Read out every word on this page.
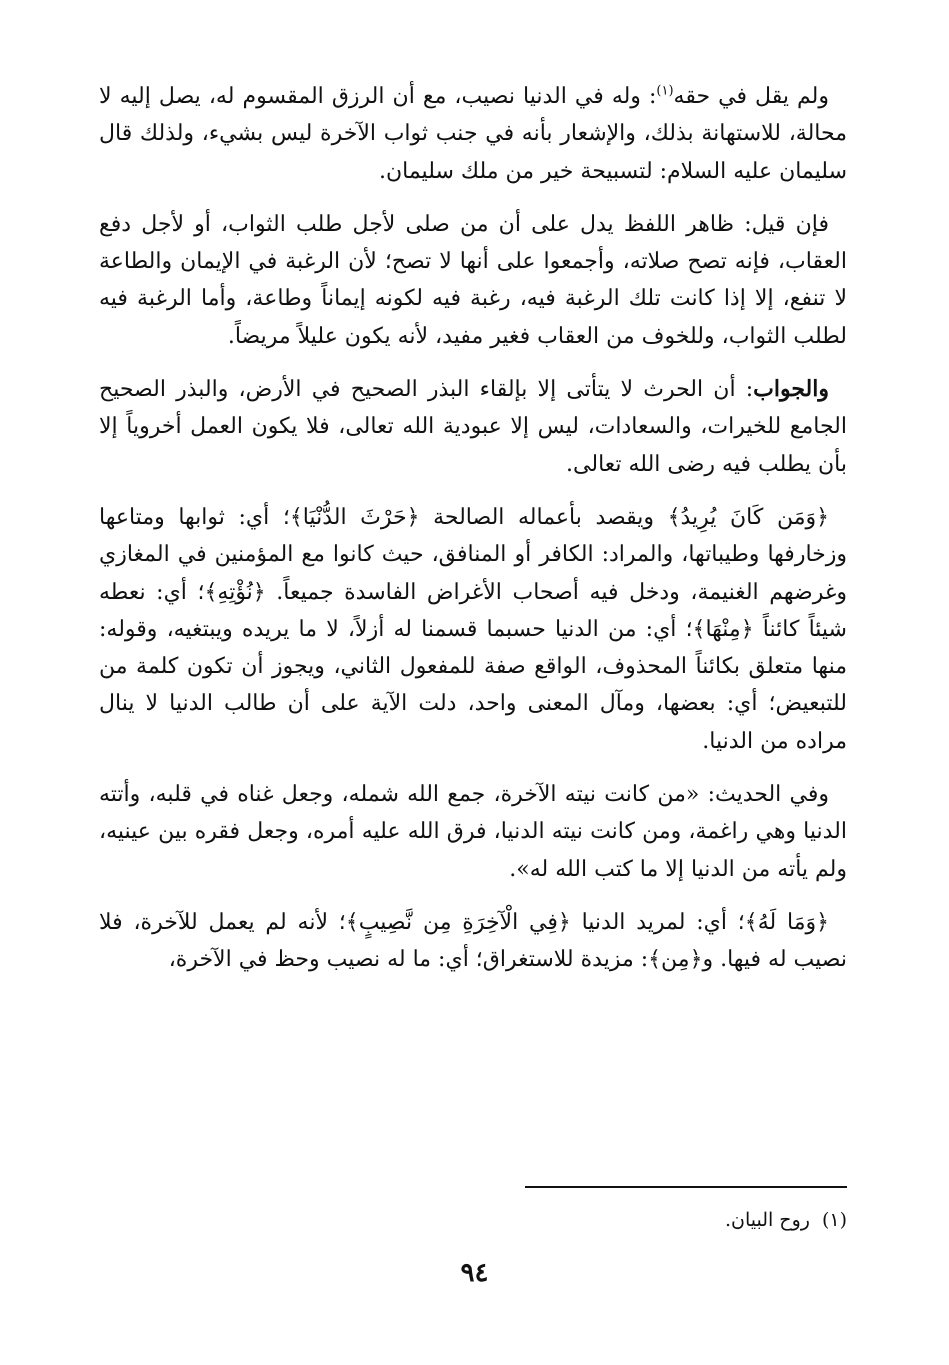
ولم يقل في حقه$^{(١)}$: وله في الدنيا نصيب، مع أن الرزق المقسوم له، يصل إليه لا محالة، للاستهانة بذلك، والإشعار بأنه في جنب ثواب الآخرة ليس بشيء، ولذلك قال سليمان عليه السلام: لتسبيحة خير من ملك سليمان.

فإن قيل: ظاهر اللفظ يدل على أن من صلى لأجل طلب الثواب، أو لأجل دفع العقاب، فإنه تصح صلاته، وأجمعوا على أنها لا تصح؛ لأن الرغبة في الإيمان والطاعة لا تنفع، إلا إذا كانت تلك الرغبة فيه، رغبة فيه لكونه إيماناً وطاعة، وأما الرغبة فيه لطلب الثواب، وللخوف من العقاب فغير مفيد، لأنه يكون عليلاً مريضاً.

والجواب: أن الحرث لا يتأتى إلا بإلقاء البذر الصحيح في الأرض، والبذر الصحيح الجامع للخيرات، والسعادات، ليس إلا عبودية الله تعالى، فلا يكون العمل أخروياً إلا بأن يطلب فيه رضى الله تعالى.

﴿وَمَن كَانَ يُرِيدُ﴾ ويقصد بأعماله الصالحة ﴿حَرْثَ الدُّنْيَا﴾؛ أي: ثوابها ومتاعها وزخارفها وطيباتها، والمراد: الكافر أو المنافق، حيث كانوا مع المؤمنين في المغازي وغرضهم الغنيمة، ودخل فيه أصحاب الأغراض الفاسدة جميعاً. ﴿نُؤْتِهِ﴾؛ أي: نعطه شيئاً كائناً ﴿مِنْهَا﴾؛ أي: من الدنيا حسبما قسمنا له أزلاً، لا ما يريده ويبتغيه، وقوله: منها متعلق بكائناً المحذوف، الواقع صفة للمفعول الثاني، ويجوز أن تكون كلمة من للتبعيض؛ أي: بعضها، ومآل المعنى واحد، دلت الآية على أن طالب الدنيا لا ينال مراده من الدنيا.

وفي الحديث: «من كانت نيته الآخرة، جمع الله شمله، وجعل غناه في قلبه، وأتته الدنيا وهي راغمة، ومن كانت نيته الدنيا، فرق الله عليه أمره، وجعل فقره بين عينيه، ولم يأته من الدنيا إلا ما كتب الله له».

﴿وَمَا لَهُ﴾؛ أي: لمريد الدنيا ﴿فِي الْآخِرَةِ مِن نَّصِيبٍ﴾؛ لأنه لم يعمل للآخرة، فلا نصيب له فيها. و﴿مِن﴾: مزيدة للاستغراق؛ أي: ما له نصيب وحظ في الآخرة،

(١)روح البيان.
٩٤
